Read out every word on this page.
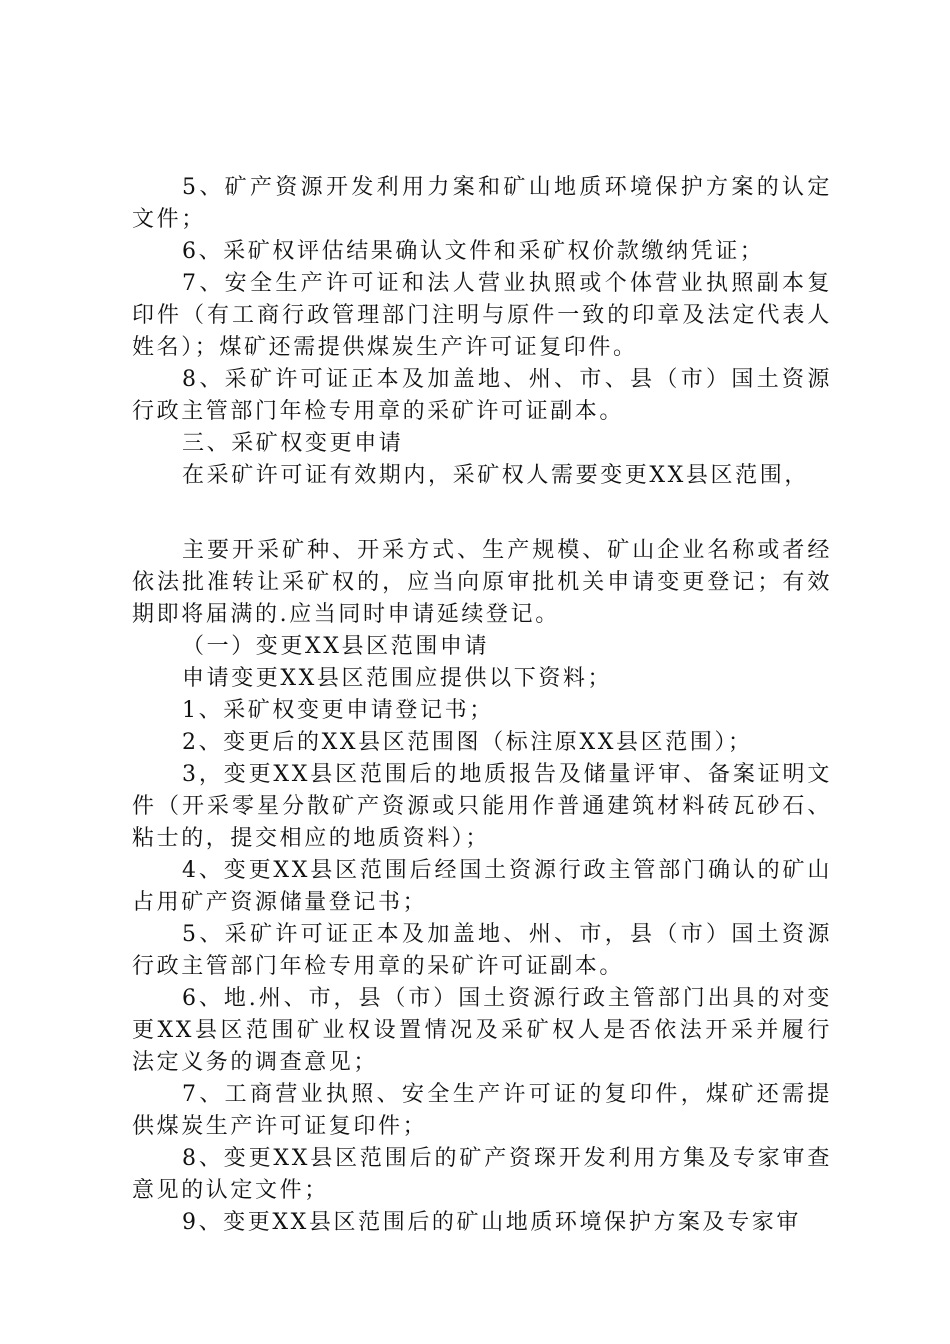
5、矿产资源开发利用力案和矿山地质环境保护方案的认定文件；

6、采矿权评估结果确认文件和采矿权价款缴纳凭证；

7、安全生产许可证和法人营业执照或个体营业执照副本复印件（有工商行政管理部门注明与原件一致的印章及法定代表人姓名）；煤矿还需提供煤炭生产许可证复印件。

8、采矿许可证正本及加盖地、州、市、县（市）国土资源行政主管部门年检专用章的采矿许可证副本。

三、采矿权变更申请

在采矿许可证有效期内，采矿权人需要变更XX县区范围，

主要开采矿种、开采方式、生产规模、矿山企业名称或者经依法批准转让采矿权的，应当向原审批机关申请变更登记；有效期即将届满的.应当同时申请延续登记。

（一）变更XX县区范围申请

申请变更XX县区范围应提供以下资料；

1、采矿权变更申请登记书；

2、变更后的XX县区范围图（标注原XX县区范围）；

3，变更XX县区范围后的地质报告及储量评审、备案证明文件（开采零星分散矿产资源或只能用作普通建筑材料砖瓦砂石、粘士的，提交相应的地质资料）；

4、变更XX县区范围后经国土资源行政主管部门确认的矿山占用矿产资源储量登记书；

5、采矿许可证正本及加盖地、州、市，县（市）国土资源行政主管部门年检专用章的呆矿许可证副本。

6、地.州、市，县（市）国土资源行政主管部门出具的对变更XX县区范围矿业权设置情况及采矿权人是否依法开采并履行法定义务的调查意见；

7、工商营业执照、安全生产许可证的复印件，煤矿还需提供煤炭生产许可证复印件；

8、变更XX县区范围后的矿产资琛开发利用方集及专家审查意见的认定文件；

9、变更XX县区范围后的矿山地质环境保护方案及专家审
